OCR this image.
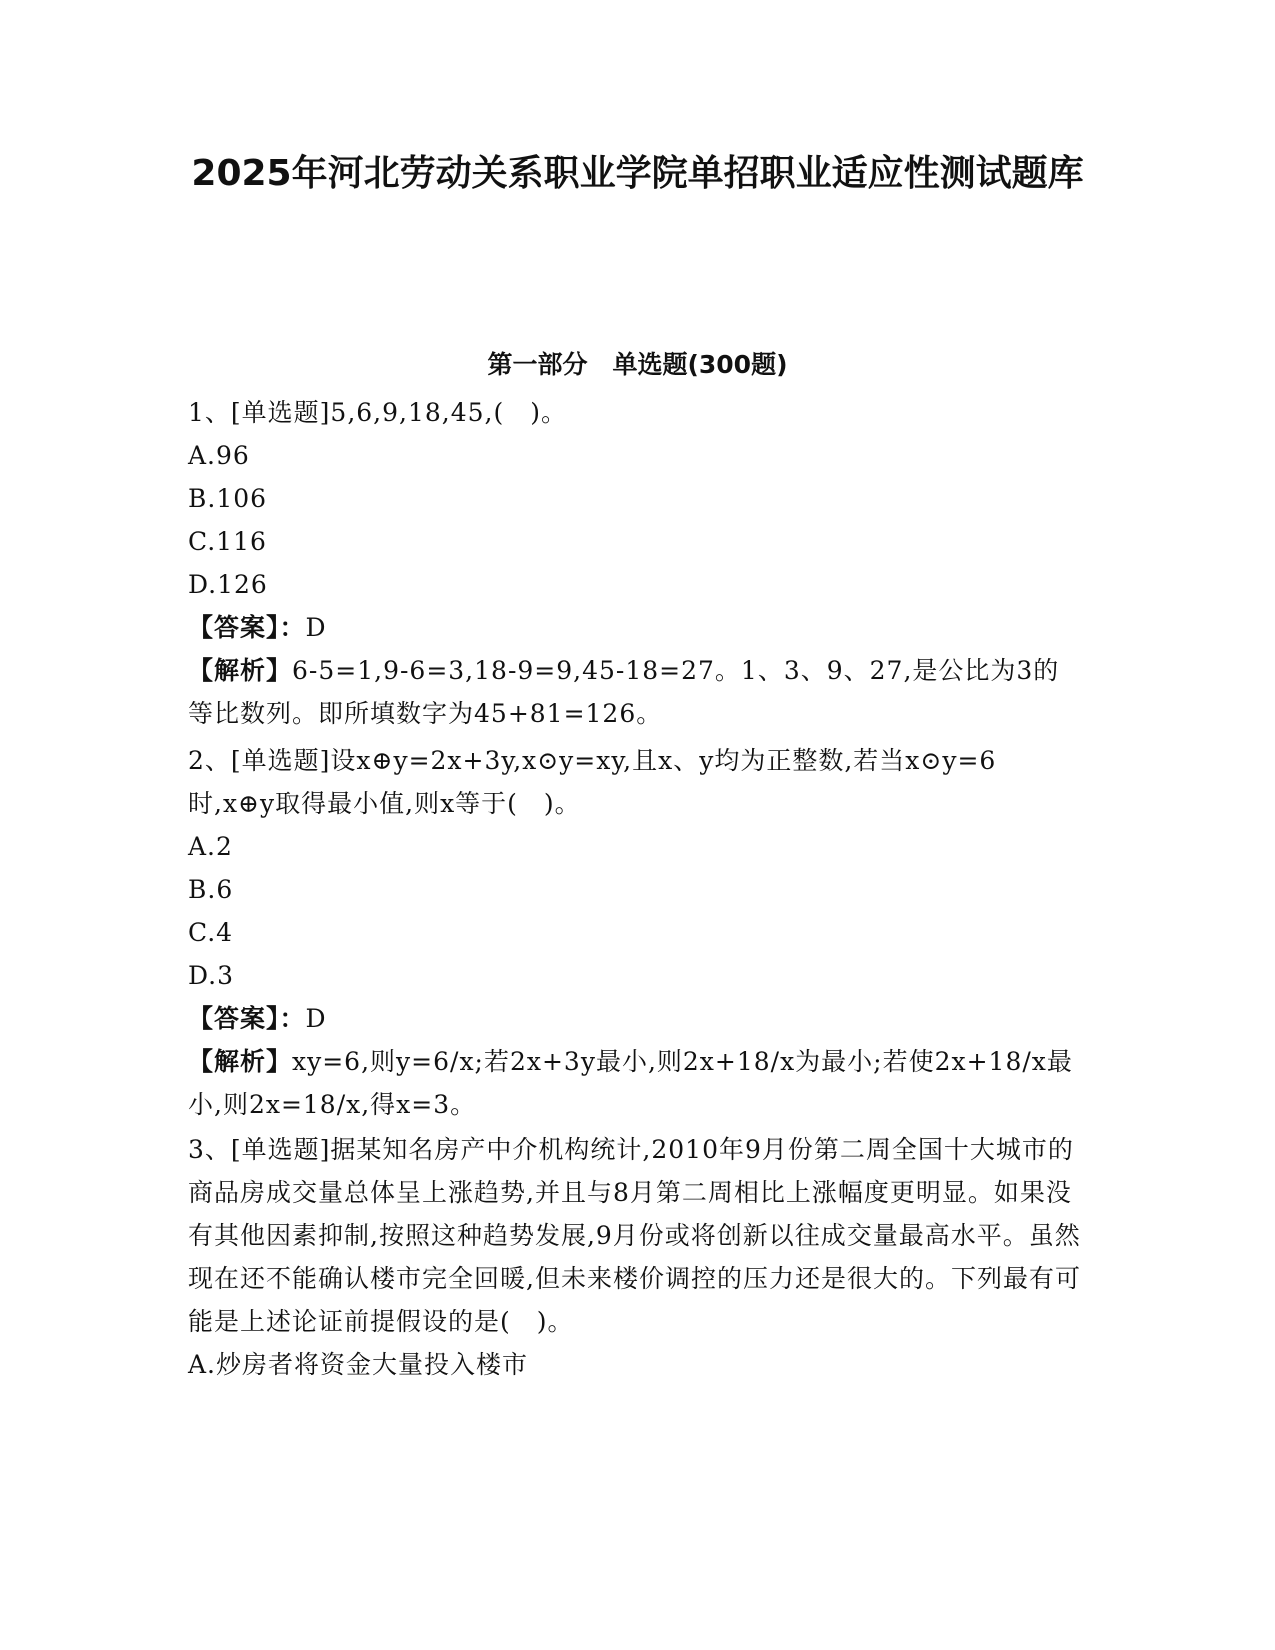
2025年河北劳动关系职业学院单招职业适应性测试题库
第一部分　单选题(300题)

1、[单选题]5,6,9,18,45,(　)。

A.96

B.106

C.116

D.126

【答案】：D

【解析】6-5=1,9-6=3,18-9=9,45-18=27。1、3、9、27,是公比为3的等比数列。即所填数字为45+81=126。

2、[单选题]设x⊕y=2x+3y,x⊙y=xy,且x、y均为正整数,若当x⊙y=6时,x⊕y取得最小值,则x等于(　)。

A.2

B.6

C.4

D.3

【答案】：D

【解析】xy=6,则y=6/x;若2x+3y最小,则2x+18/x为最小;若使2x+18/x最小,则2x=18/x,得x=3。

3、[单选题]据某知名房产中介机构统计,2010年9月份第二周全国十大城市的商品房成交量总体呈上涨趋势,并且与8月第二周相比上涨幅度更明显。如果没有其他因素抑制,按照这种趋势发展,9月份或将创新以往成交量最高水平。虽然现在还不能确认楼市完全回暖,但未来楼价调控的压力还是很大的。下列最有可能是上述论证前提假设的是(　)。

A.炒房者将资金大量投入楼市
